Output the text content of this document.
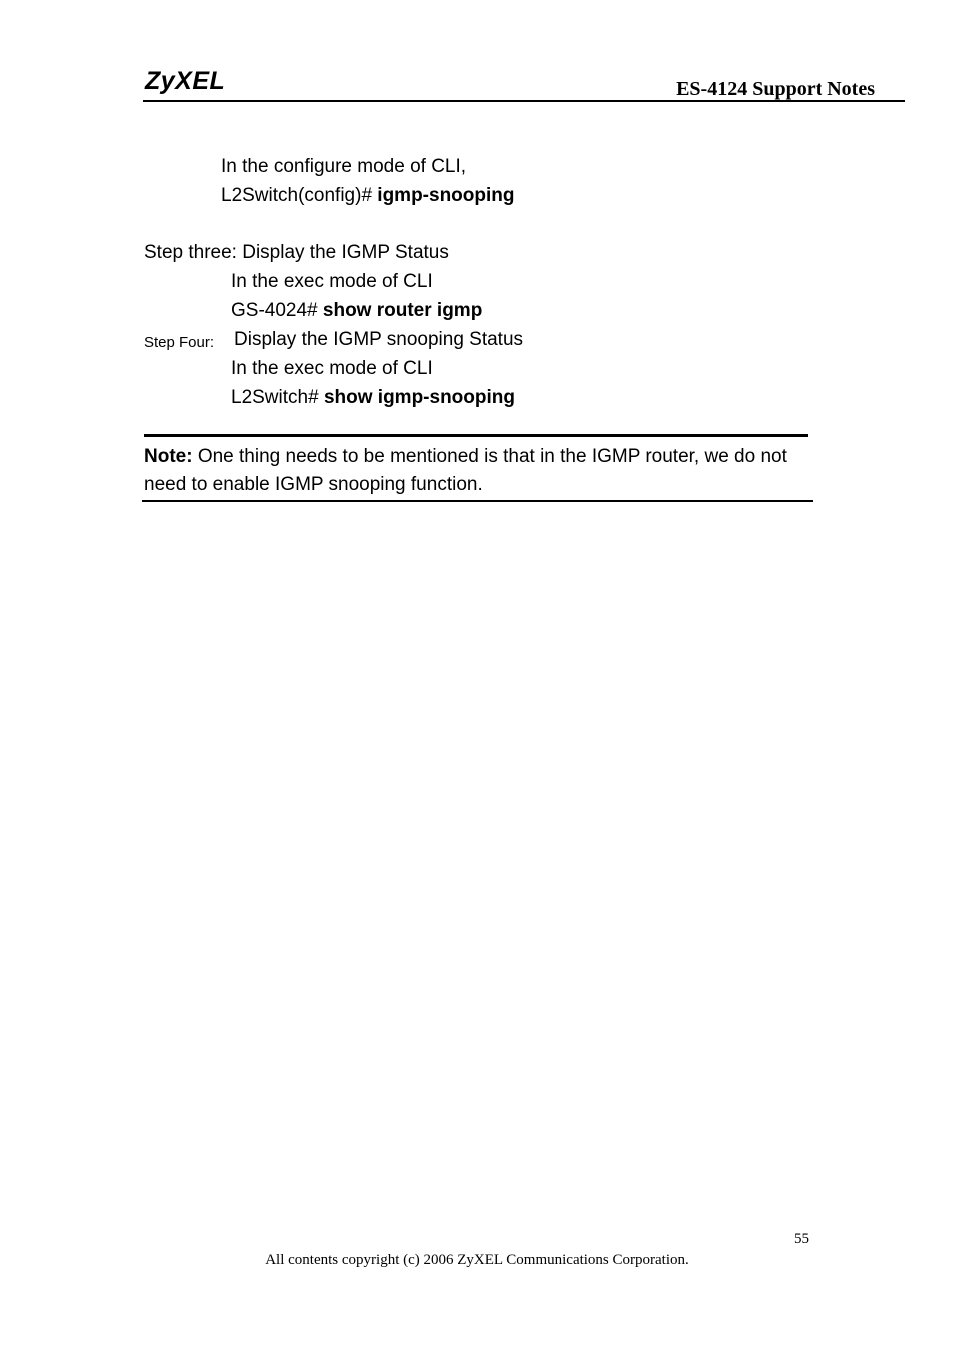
ZyXEL	ES-4124 Support Notes
In the configure mode of CLI,
L2Switch(config)# igmp-snooping
Step three: Display the IGMP Status
In the exec mode of CLI
GS-4024# show router igmp
Step Four: Display the IGMP snooping Status
In the exec mode of CLI
L2Switch# show igmp-snooping
Note: One thing needs to be mentioned is that in the IGMP router, we do not need to enable IGMP snooping function.
55
All contents copyright (c) 2006 ZyXEL Communications Corporation.
